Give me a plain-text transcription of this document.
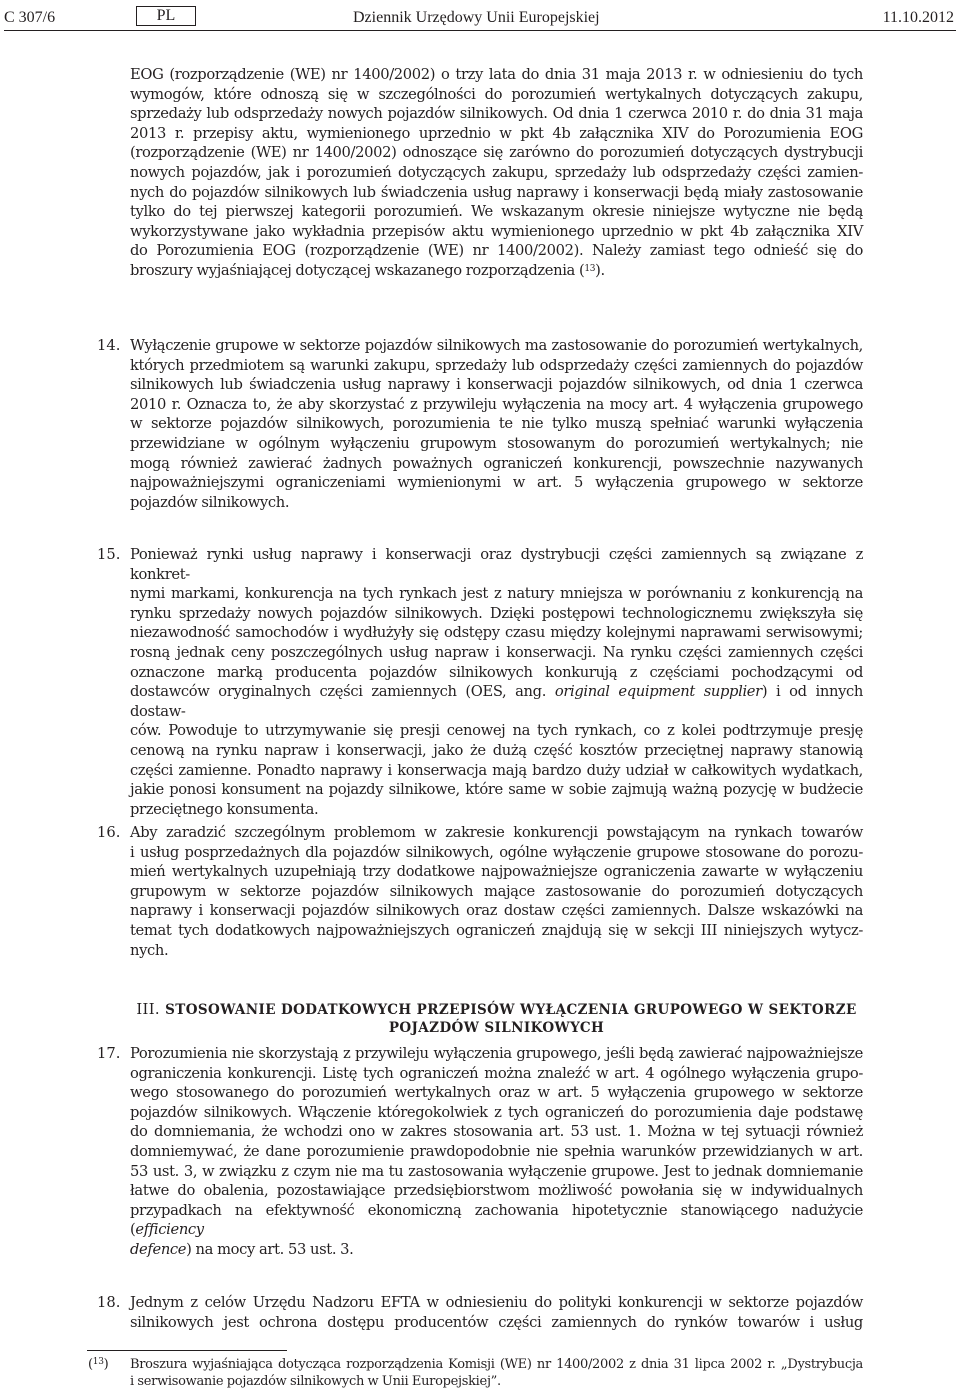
C 307/6	PL	Dziennik Urzędowy Unii Europejskiej	11.10.2012
EOG (rozporządzenie (WE) nr 1400/2002) o trzy lata do dnia 31 maja 2013 r. w odniesieniu do tych
wymogów, które odnoszą się w szczególności do porozumień wertykalnych dotyczących zakupu,
sprzedaży lub odsprzedaży nowych pojazdów silnikowych. Od dnia 1 czerwca 2010 r. do dnia 31 maja
2013 r. przepisy aktu, wymienionego uprzednio w pkt 4b załącznika XIV do Porozumienia EOG
(rozporządzenie (WE) nr 1400/2002) odnoszące się zarówno do porozumień dotyczących dystrybucji
nowych pojazdów, jak i porozumień dotyczących zakupu, sprzedaży lub odsprzedaży części zamien-
nych do pojazdów silnikowych lub świadczenia usług naprawy i konserwacji będą miały zastosowanie
tylko do tej pierwszej kategorii porozumień. We wskazanym okresie niniejsze wytyczne nie będą
wykorzystywane jako wykładnia przepisów aktu wymienionego uprzednio w pkt 4b załącznika XIV
do Porozumienia EOG (rozporządzenie (WE) nr 1400/2002). Należy zamiast tego odnieść się do
broszury wyjaśniającej dotyczącej wskazanego rozporządzenia ($^{13}$).
14. Wyłączenie grupowe w sektorze pojazdów silnikowych ma zastosowanie do porozumień wertykalnych,
których przedmiotem są warunki zakupu, sprzedaży lub odsprzedaży części zamiennych do pojazdów
silnikowych lub świadczenia usług naprawy i konserwacji pojazdów silnikowych, od dnia 1 czerwca
2010 r. Oznacza to, że aby skorzystać z przywileju wyłączenia na mocy art. 4 wyłączenia grupowego
w sektorze pojazdów silnikowych, porozumienia te nie tylko muszą spełniać warunki wyłączenia
przewidziane w ogólnym wyłączeniu grupowym stosowanym do porozumień wertykalnych; nie
mogą również zawierać żadnych poważnych ograniczeń konkurencji, powszechnie nazywanych
najpoważniejszymi ograniczeniami wymienionymi w art. 5 wyłączenia grupowego w sektorze
pojazdów silnikowych.
15. Ponieważ rynki usług naprawy i konserwacji oraz dystrybucji części zamiennych są związane z konkret-
nymi markami, konkurencja na tych rynkach jest z natury mniejsza w porównaniu z konkurencją na
rynku sprzedaży nowych pojazdów silnikowych. Dzięki postępowi technologicznemu zwiększyła się
niezawodność samochodów i wydłużyły się odstępy czasu między kolejnymi naprawami serwisowymi;
rosną jednak ceny poszczególnych usług napraw i konserwacji. Na rynku części zamiennych części
oznaczone marką producenta pojazdów silnikowych konkurują z częściami pochodzącymi od
dostawców oryginalnych części zamiennych (OES, ang. original equipment supplier) i od innych dostaw-
ców. Powoduje to utrzymywanie się presji cenowej na tych rynkach, co z kolei podtrzymuje presję
cenową na rynku napraw i konserwacji, jako że dużą część kosztów przeciętnej naprawy stanowią
części zamienne. Ponadto naprawy i konserwacja mają bardzo duży udział w całkowitych wydatkach,
jakie ponosi konsument na pojazdy silnikowe, które same w sobie zajmują ważną pozycję w budżecie
przeciętnego konsumenta.
16. Aby zaradzić szczególnym problemom w zakresie konkurencji powstającym na rynkach towarów
i usług posprzedażnych dla pojazdów silnikowych, ogólne wyłączenie grupowe stosowane do porozu-
mień wertykalnych uzupełniają trzy dodatkowe najpoważniejsze ograniczenia zawarte w wyłączeniu
grupowym w sektorze pojazdów silnikowych mające zastosowanie do porozumień dotyczących
naprawy i konserwacji pojazdów silnikowych oraz dostaw części zamiennych. Dalsze wskazówki na
temat tych dodatkowych najpoważniejszych ograniczeń znajdują się w sekcji III niniejszych wytycz-
nych.
III. STOSOWANIE DODATKOWYCH PRZEPISÓW WYŁĄCZENIA GRUPOWEGO W SEKTORZE
POJAZDÓW SILNIKOWYCH
17. Porozumienia nie skorzystają z przywileju wyłączenia grupowego, jeśli będą zawierać najpoważniejsze
ograniczenia konkurencji. Listę tych ograniczeń można znaleźć w art. 4 ogólnego wyłączenia grupo-
wego stosowanego do porozumień wertykalnych oraz w art. 5 wyłączenia grupowego w sektorze
pojazdów silnikowych. Włączenie któregokolwiek z tych ograniczeń do porozumienia daje podstawę
do domniemania, że wchodzi ono w zakres stosowania art. 53 ust. 1. Można w tej sytuacji również
domniemywać, że dane porozumienie prawdopodobnie nie spełnia warunków przewidzianych w art.
53 ust. 3, w związku z czym nie ma tu zastosowania wyłączenie grupowe. Jest to jednak domniemanie
łatwe do obalenia, pozostawiające przedsiębiorstwom możliwość powołania się w indywidualnych
przypadkach na efektywność ekonomiczną zachowania hipotetycznie stanowiącego nadużycie (efficiency
defence) na mocy art. 53 ust. 3.
18. Jednym z celów Urzędu Nadzoru EFTA w odniesieniu do polityki konkurencji w sektorze pojazdów
silnikowych jest ochrona dostępu producentów części zamiennych do rynków towarów i usług
($^{13}$) Broszura wyjaśniająca dotycząca rozporządzenia Komisji (WE) nr 1400/2002 z dnia 31 lipca 2002 r. „Dystrybucja
i serwisowanie pojazdów silnikowych w Unii Europejskiej”.
